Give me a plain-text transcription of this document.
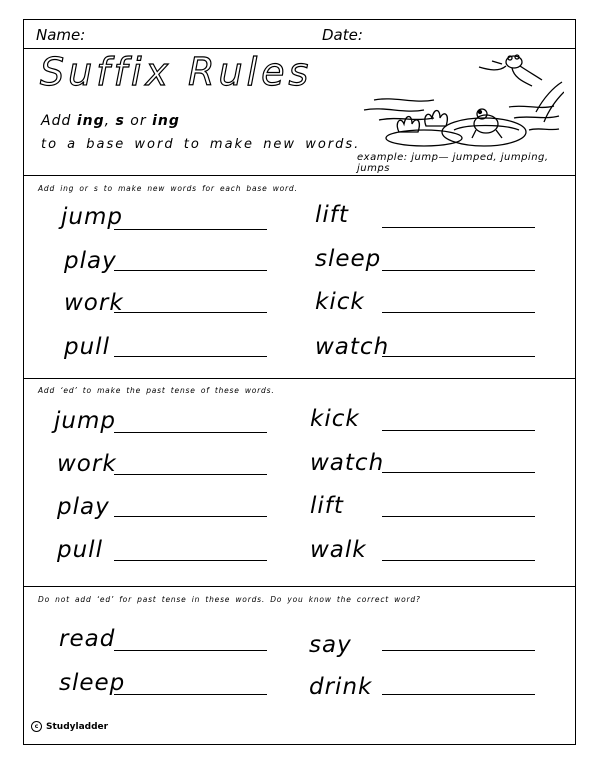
Name:	Date:
Suffix Rules
Add ing, s or ing
to a base word to make new words.
example: jump— jumped, jumping, jumps
Add ing or s to make new words for each base word.
jump
play
work
pull
lift
sleep
kick
watch
Add ‘ed’ to make the past tense of these words.
jump
work
play
pull
kick
watch
lift
walk
Do not add ‘ed’ for past tense in these words. Do you know the correct word?
read
sleep
say
drink
c Studyladder
